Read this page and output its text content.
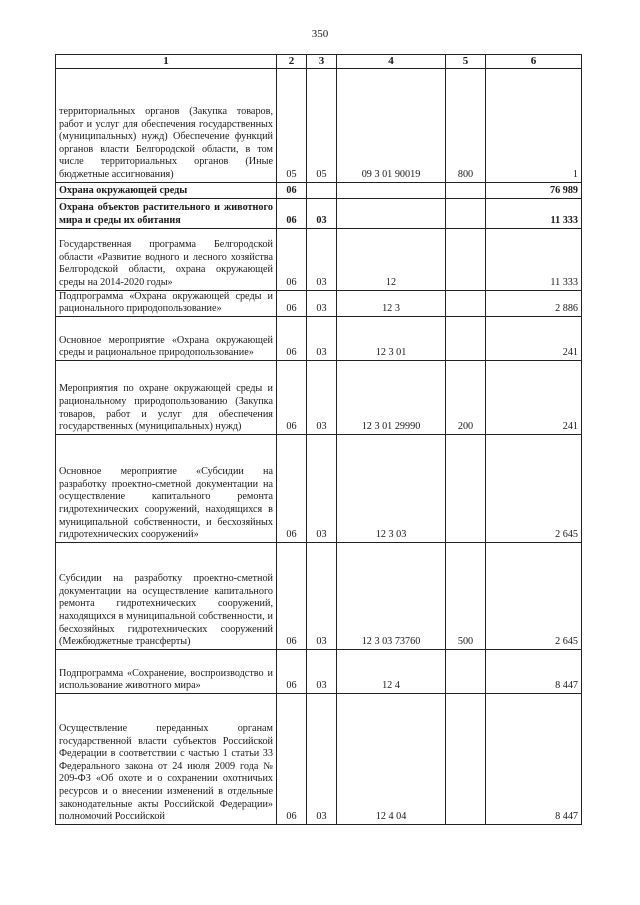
350
1	2	3	4	5	6
территориальных органов (Закупка товаров, работ и услуг для обеспечения государственных (муниципальных) нужд) Обеспечение функций органов власти Белгородской области, в том числе территориальных органов (Иные бюджетные ассигнования)	05	05	09 3 01 90019	800	1
Охрана окружающей среды	06				76 989
Охрана объектов растительного и животного мира и среды их обитания	06	03			11 333
Государственная программа Белгородской области «Развитие водного и лесного хозяйства Белгородской области, охрана окружающей среды на 2014-2020 годы»	06	03	12		11 333
Подпрограмма «Охрана окружающей среды и рационального природопользование»	06	03	12 3		2 886
Основное мероприятие «Охрана окружающей среды и рациональное природопользование»	06	03	12 3 01		241
Мероприятия по охране окружающей среды и рациональному природопользованию (Закупка товаров, работ и услуг для обеспечения государственных (муниципальных) нужд)	06	03	12 3 01 29990	200	241
Основное мероприятие «Субсидии на разработку проектно-сметной документации на осуществление капитального ремонта гидротехнических сооружений, находящихся в муниципальной собственности, и бесхозяйных гидротехнических сооружений»	06	03	12 3 03		2 645
Субсидии на разработку проектно-сметной документации на осуществление капитального ремонта гидротехнических сооружений, находящихся в муниципальной собственности, и бесхозяйных гидротехнических сооружений (Межбюджетные трансферты)	06	03	12 3 03 73760	500	2 645
Подпрограмма «Сохранение, воспроизводство и использование животного мира»	06	03	12 4		8 447
Осуществление переданных органам государственной власти субъектов Российской Федерации в соответствии с частью 1 статьи 33 Федерального закона от 24 июля 2009 года № 209-ФЗ «Об охоте и о сохранении охотничьих ресурсов и о внесении изменений в отдельные законодательные акты Российской Федерации» полномочий Российской	06	03	12 4 04		8 447
